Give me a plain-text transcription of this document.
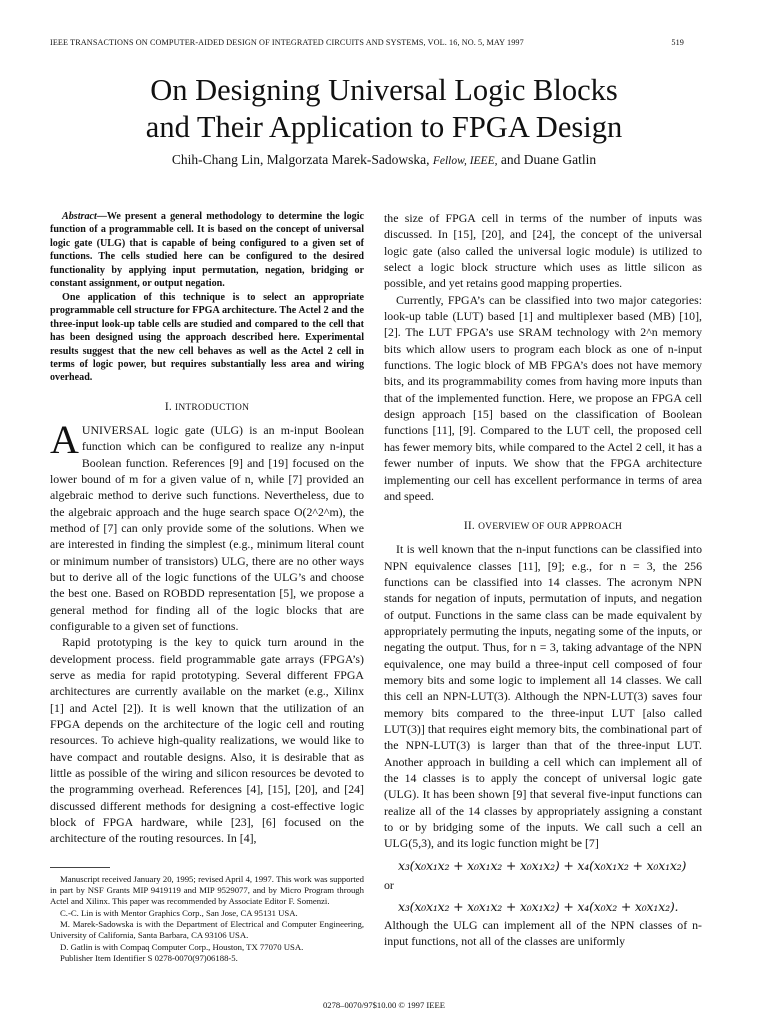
IEEE TRANSACTIONS ON COMPUTER-AIDED DESIGN OF INTEGRATED CIRCUITS AND SYSTEMS, VOL. 16, NO. 5, MAY 1997	519
On Designing Universal Logic Blocks
and Their Application to FPGA Design
Chih-Chang Lin, Malgorzata Marek-Sadowska, Fellow, IEEE, and Duane Gatlin

Abstract—We present a general methodology to determine the logic function of a programmable cell. It is based on the concept of universal logic gate (ULG) that is capable of being configured to a given set of functions. The cells studied here can be configured to the desired functionality by applying input permutation, negation, bridging or constant assignment, or output negation.

One application of this technique is to select an appropriate programmable cell structure for FPGA architecture. The Actel 2 and the three-input look-up table cells are studied and compared to the cell that has been designed using the approach described here. Experimental results suggest that the new cell behaves as well as the Actel 2 cell in terms of logic power, but requires substantially less area and wiring overhead.

I. INTRODUCTION
A UNIVERSAL logic gate (ULG) is an m-input Boolean function which can be configured to realize any n-input Boolean function. References [9] and [19] focused on the lower bound of m for a given value of n, while [7] provided an algebraic method to derive such functions. Nevertheless, due to the algebraic approach and the huge search space O(2^2^m), the method of [7] can only provide some of the solutions. When we are interested in finding the simplest (e.g., minimum literal count or minimum number of transistors) ULG, there are no other ways but to derive all of the logic functions of the ULG’s and choose the best one. Based on ROBDD representation [5], we propose a general method for finding all of the logic blocks that are configurable to a given set of functions.

Rapid prototyping is the key to quick turn around in the development process. field programmable gate arrays (FPGA’s) serve as media for rapid prototyping. Several different FPGA architectures are currently available on the market (e.g., Xilinx [1] and Actel [2]). It is well known that the utilization of an FPGA depends on the architecture of the logic cell and routing resources. To achieve high-quality realizations, we would like to have compact and routable designs. Also, it is desirable that as little as possible of the wiring and silicon resources be devoted to the programming overhead. References [4], [15], [20], and [24] discussed different methods for designing a cost-effective logic block of FPGA hardware, while [23], [6] focused on the architecture of the routing resources. In [4],

Manuscript received January 20, 1995; revised April 4, 1997. This work was supported in part by NSF Grants MIP 9419119 and MIP 9529077, and by Micro Program through Actel and Xilinx. This paper was recommended by Associate Editor F. Somenzi.

C.-C. Lin is with Mentor Graphics Corp., San Jose, CA 95131 USA.

M. Marek-Sadowska is with the Department of Electrical and Computer Engineering, University of California, Santa Barbara, CA 93106 USA.

D. Gatlin is with Compaq Computer Corp., Houston, TX 77070 USA.

Publisher Item Identifier S 0278-0070(97)06188-5.

the size of FPGA cell in terms of the number of inputs was discussed. In [15], [20], and [24], the concept of the universal logic gate (also called the universal logic module) is utilized to select a logic block structure which uses as little silicon as possible, and yet retains good mapping properties.

Currently, FPGA’s can be classified into two major categories: look-up table (LUT) based [1] and multiplexer based (MB) [10], [2]. The LUT FPGA’s use SRAM technology with 2^n memory bits which allow users to program each block as one of n-input functions. The logic block of MB FPGA’s does not have memory bits, and its programmability comes from having more inputs than that of the implemented function. Here, we propose an FPGA cell design approach [15] based on the classification of Boolean functions [11], [9]. Compared to the LUT cell, the proposed cell has fewer memory bits, while compared to the Actel 2 cell, it has a fewer number of inputs. We show that the FPGA architecture implementing our cell has excellent performance in terms of area and speed.

II. OVERVIEW OF OUR APPROACH

It is well known that the n-input functions can be classified into NPN equivalence classes [11], [9]; e.g., for n = 3, the 256 functions can be classified into 14 classes. The acronym NPN stands for negation of inputs, permutation of inputs, and negation of output. Functions in the same class can be made equivalent by appropriately permuting the inputs, negating some of the inputs, or negating the output. Thus, for n = 3, taking advantage of the NPN equivalence, one may build a three-input cell composed of four memory bits and some logic to implement all 14 classes. We call this cell an NPN-LUT(3). Although the NPN-LUT(3) saves four memory bits compared to the three-input LUT [also called LUT(3)] that requires eight memory bits, the combinational part of the NPN-LUT(3) is larger than that of the three-input LUT. Another approach in building a cell which can implement all of the 14 classes is to apply the concept of universal logic gate (ULG). It has been shown [9] that several five-input functions can realize all of the 14 classes by appropriately assigning a constant to or by bridging some of the inputs. We call such a cell an ULG(5,3), and its logic function might be [7]

x₃(x₀x₁x₂ + x₀x₁x₂ + x₀x₁x₂) + x₄(x₀x₁x₂ + x₀x₁x₂)

or

x₃(x₀x₁x₂ + x₀x₁x₂ + x₀x₁x₂) + x₄(x₀x₂ + x₀x₁x₂).

Although the ULG can implement all of the NPN classes of n-input functions, not all of the classes are uniformly

0278–0070/97$10.00 © 1997 IEEE
